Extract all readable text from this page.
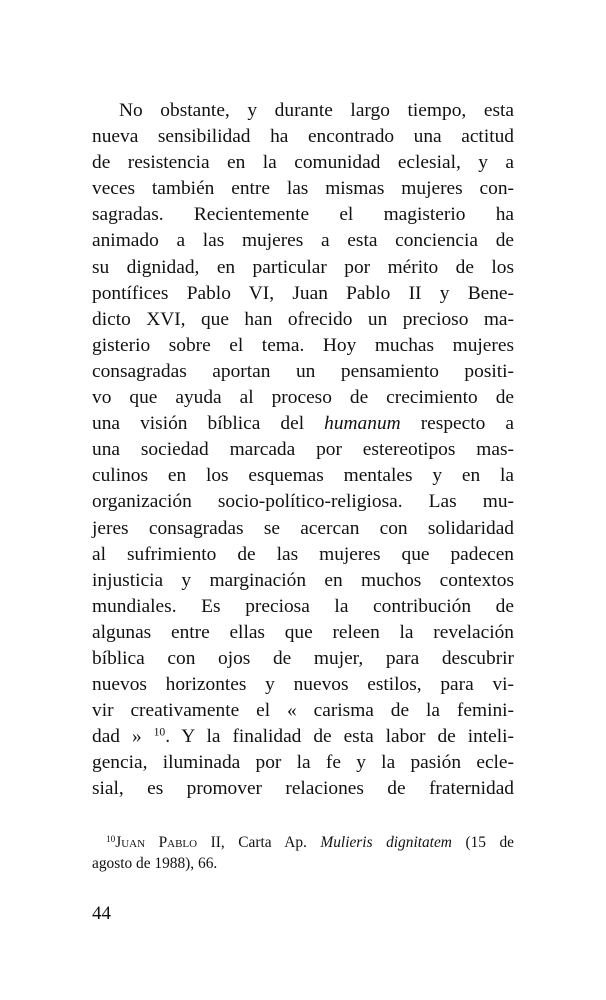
No obstante, y durante largo tiempo, esta
nueva sensibilidad ha encontrado una actitud
de resistencia en la comunidad eclesial, y a
veces también entre las mismas mujeres con-
sagradas. Recientemente el magisterio ha
animado a las mujeres a esta conciencia de
su dignidad, en particular por mérito de los
pontífices Pablo VI, Juan Pablo II y Bene-
dicto XVI, que han ofrecido un precioso ma-
gisterio sobre el tema. Hoy muchas mujeres
consagradas aportan un pensamiento positi-
vo que ayuda al proceso de crecimiento de
una visión bíblica del humanum respecto a
una sociedad marcada por estereotipos mas-
culinos en los esquemas mentales y en la
organización socio-político-religiosa. Las mu-
jeres consagradas se acercan con solidaridad
al sufrimiento de las mujeres que padecen
injusticia y marginación en muchos contextos
mundiales. Es preciosa la contribución de
algunas entre ellas que releen la revelación
bíblica con ojos de mujer, para descubrir
nuevos horizontes y nuevos estilos, para vi-
vir creativamente el « carisma de la femini-
dad » $^{10}$. Y la finalidad de esta labor de inteli-
gencia, iluminada por la fe y la pasión ecle-
sial, es promover relaciones de fraternidad
$^{10}$Juan Pablo II, Carta Ap. Mulieris dignitatem (15 de
agosto de 1988), 66.
44
